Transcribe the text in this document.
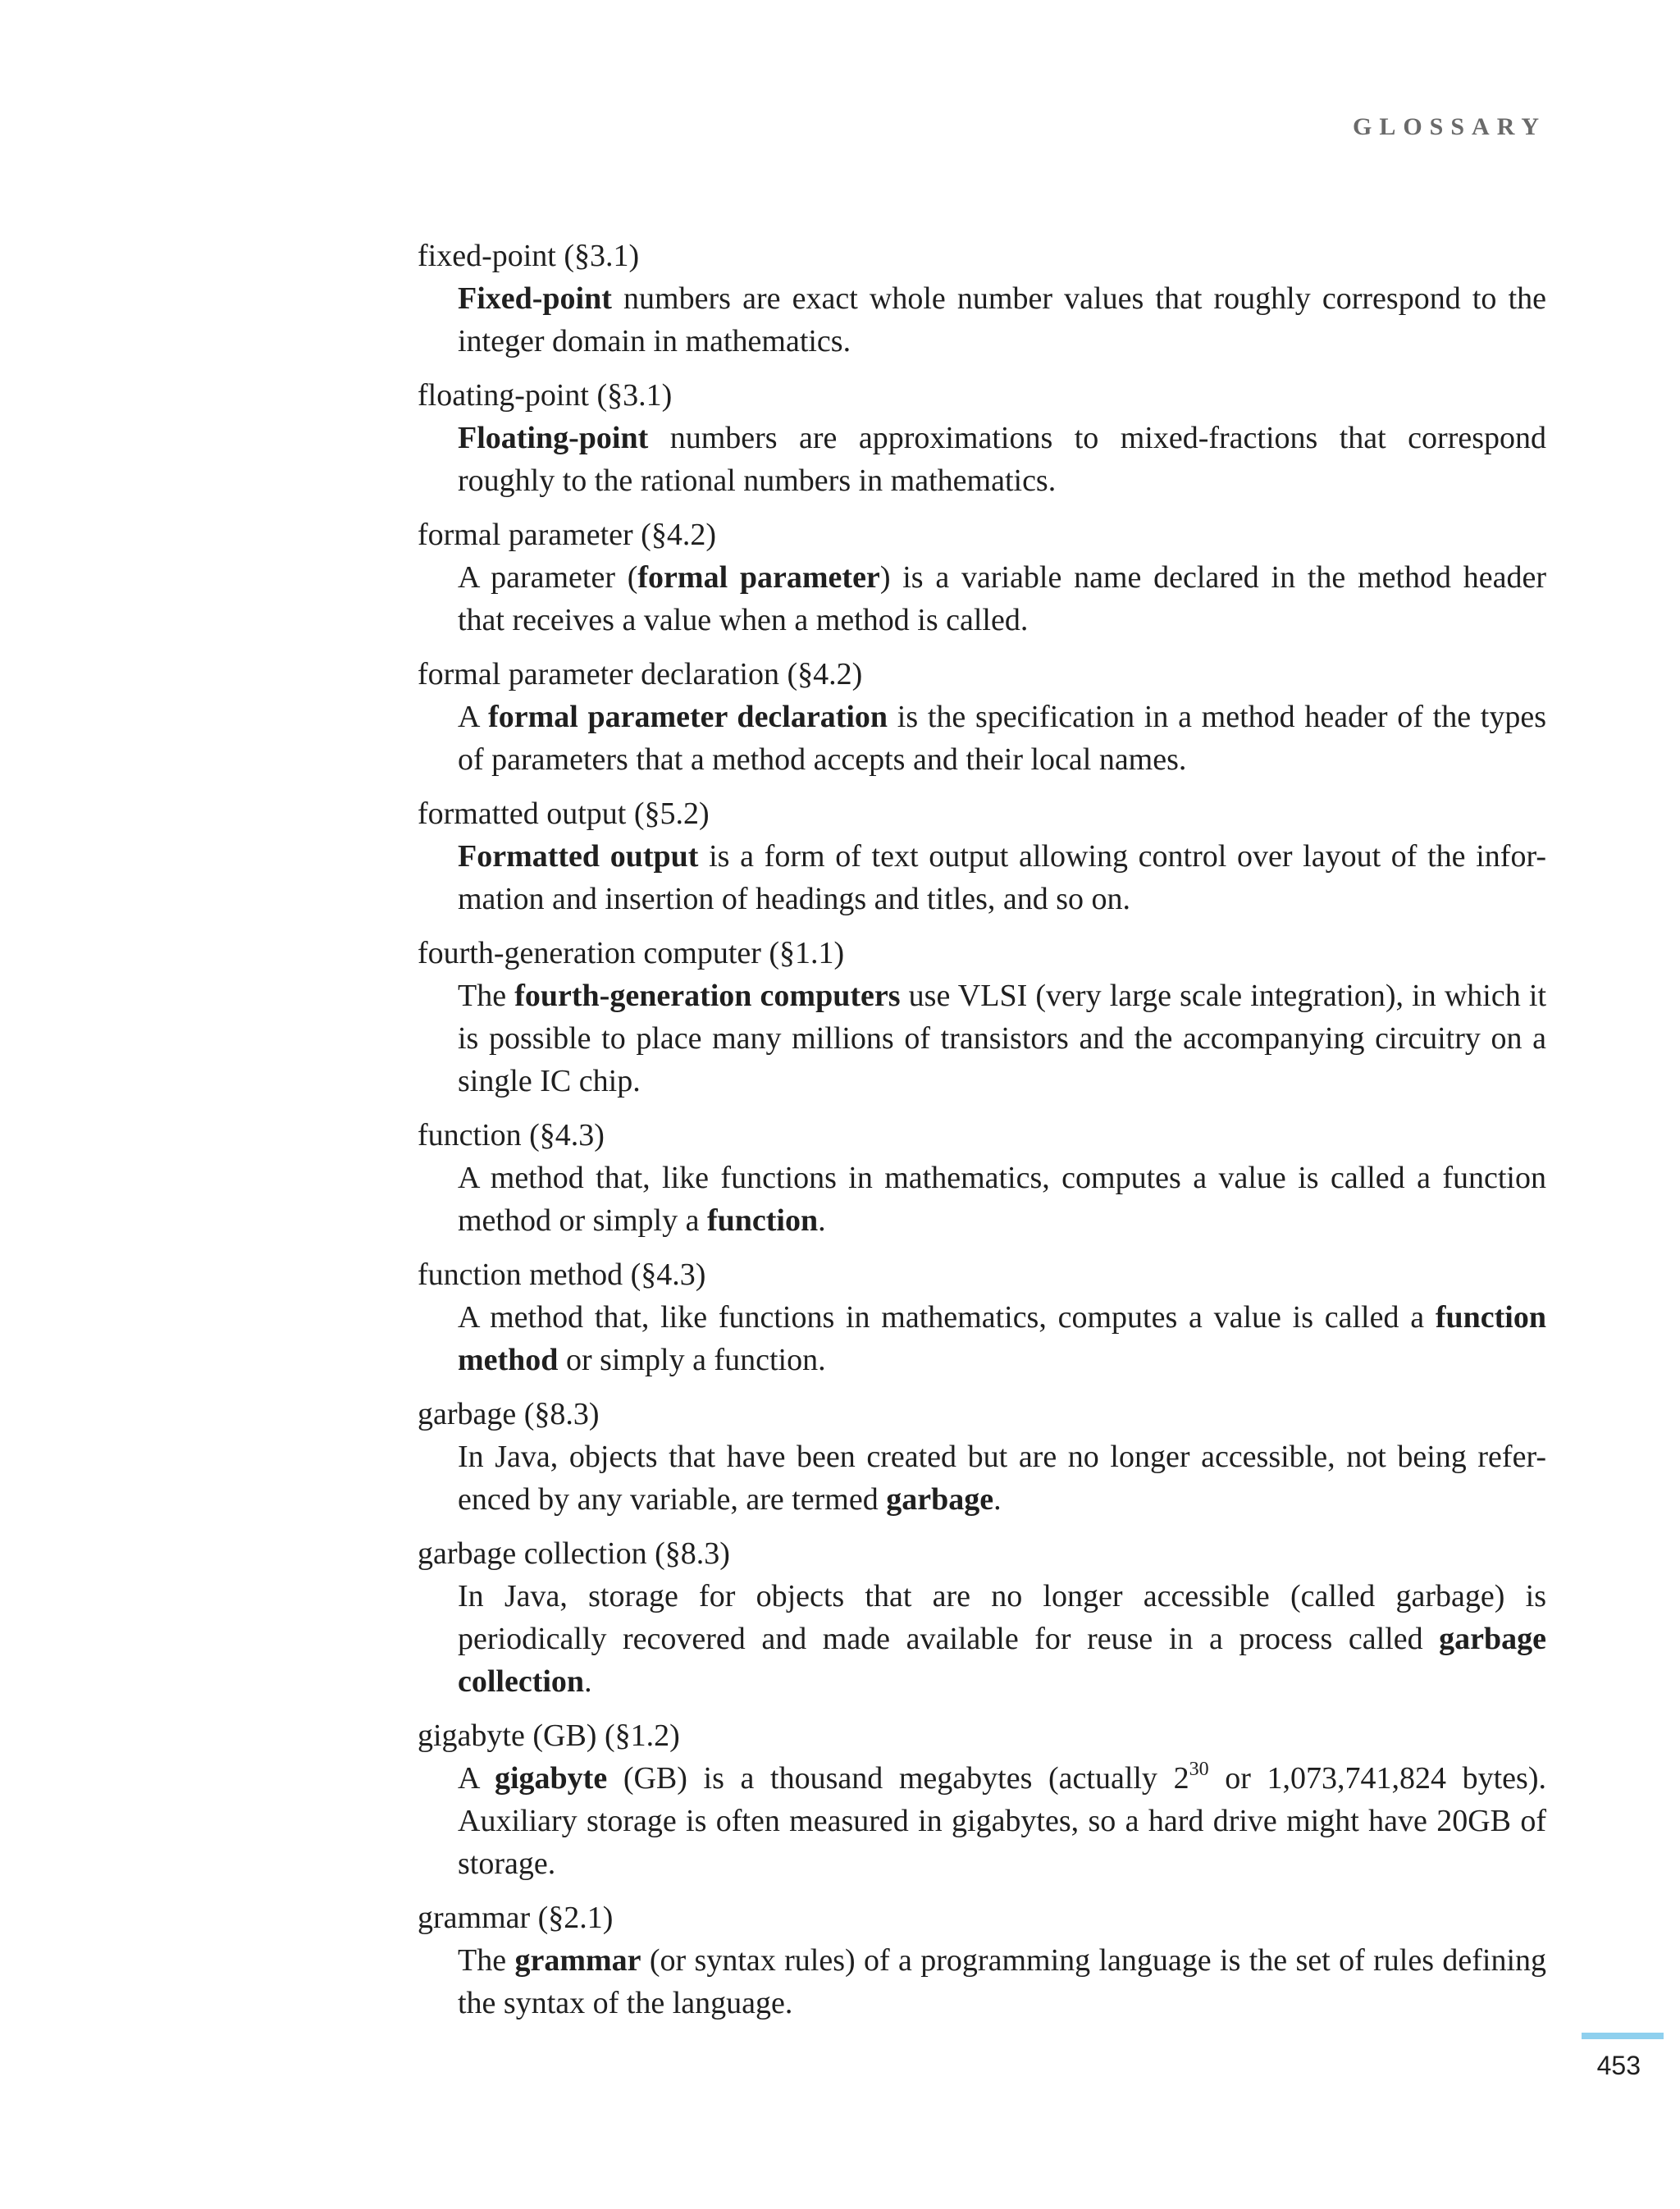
GLOSSARY

fixed-point (§3.1)

Fixed-point numbers are exact whole number values that roughly correspond to the integer domain in mathematics.

floating-point (§3.1)

Floating-point numbers are approximations to mixed-fractions that correspond roughly to the rational numbers in mathematics.

formal parameter (§4.2)

A parameter (formal parameter) is a variable name declared in the method header that receives a value when a method is called.

formal parameter declaration (§4.2)

A formal parameter declaration is the specification in a method header of the types of parameters that a method accepts and their local names.

formatted output (§5.2)

Formatted output is a form of text output allowing control over layout of the infor-mation and insertion of headings and titles, and so on.

fourth-generation computer (§1.1)

The fourth-generation computers use VLSI (very large scale integration), in which it is possible to place many millions of transistors and the accompanying circuitry on a single IC chip.

function (§4.3)

A method that, like functions in mathematics, computes a value is called a function method or simply a function.

function method (§4.3)

A method that, like functions in mathematics, computes a value is called a function method or simply a function.

garbage (§8.3)

In Java, objects that have been created but are no longer accessible, not being refer-enced by any variable, are termed garbage.

garbage collection (§8.3)

In Java, storage for objects that are no longer accessible (called garbage) is periodically recovered and made available for reuse in a process called garbage collection.

gigabyte (GB) (§1.2)

A gigabyte (GB) is a thousand megabytes (actually $2^{30}$ or 1,073,741,824 bytes). Auxiliary storage is often measured in gigabytes, so a hard drive might have 20GB of storage.

grammar (§2.1)

The grammar (or syntax rules) of a programming language is the set of rules defining the syntax of the language.

453
